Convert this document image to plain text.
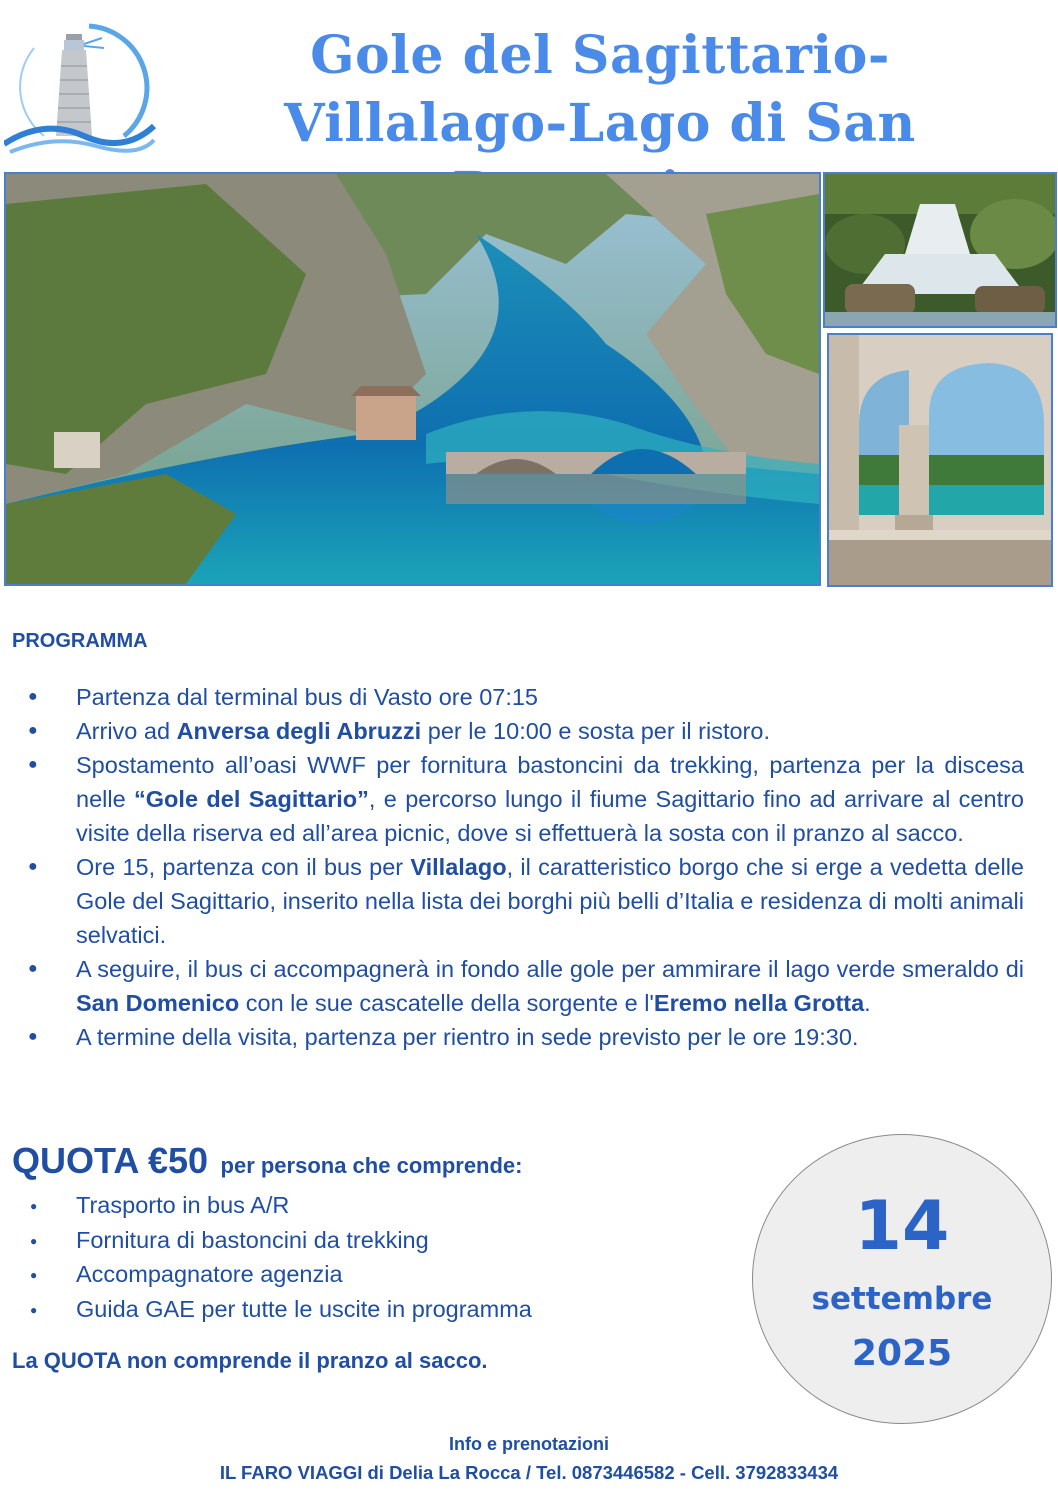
Gole del Sagittario-
Villalago-Lago di San
PROGRAMMA
● Partenza dal terminal bus di Vasto ore 07:15
● Arrivo ad Anversa degli Abruzzi per le 10:00 e sosta per il ristoro.
● Spostamento all’oasi WWF per fornitura bastoncini da trekking, partenza per la discesa nelle “Gole del Sagittario”, e percorso lungo il fiume Sagittario fino ad arrivare al centro visite della riserva ed all’area picnic, dove si effettuerà la sosta con il pranzo al sacco.
● Ore 15, partenza con il bus per Villalago, il caratteristico borgo che si erge a vedetta delle Gole del Sagittario, inserito nella lista dei borghi più belli d’Italia e residenza di molti animali selvatici.
● A seguire, il bus ci accompagnerà in fondo alle gole per ammirare il lago verde smeraldo di San Domenico con le sue cascatelle della sorgente e l'Eremo nella Grotta.
● A termine della visita, partenza per rientro in sede previsto per le ore 19:30.
QUOTA €50 per persona che comprende:
● Trasporto in bus A/R
● Fornitura di bastoncini da trekking
● Accompagnatore agenzia
● Guida GAE per tutte le uscite in programma
La QUOTA non comprende il pranzo al sacco.
14
settembre
2025
Info e prenotazioni
IL FARO VIAGGI di Delia La Rocca / Tel. 0873446582 - Cell. 3792833434
